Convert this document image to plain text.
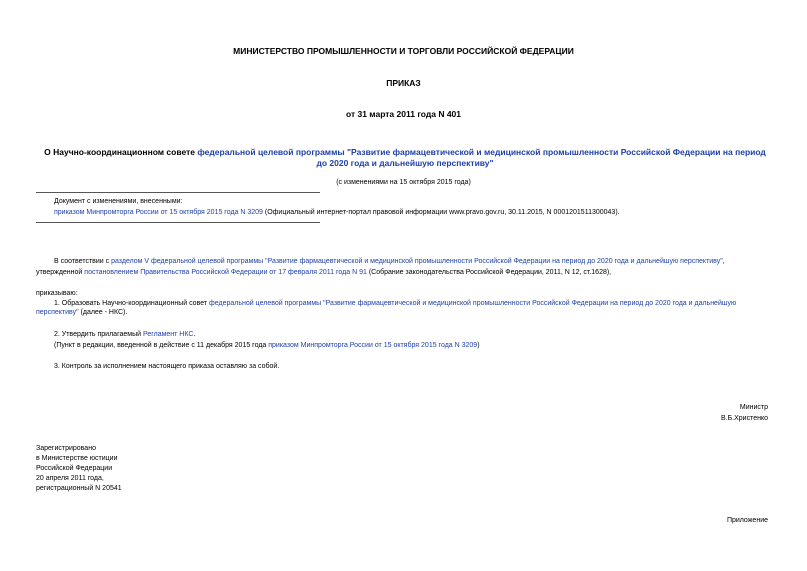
МИНИСТЕРСТВО ПРОМЫШЛЕННОСТИ И ТОРГОВЛИ РОССИЙСКОЙ ФЕДЕРАЦИИ
ПРИКАЗ
от 31 марта 2011 года N 401
О Научно-координационном совете федеральной целевой программы "Развитие фармацевтической и медицинской промышленности Российской Федерации на период до 2020 года и дальнейшую перспективу"
(с изменениями на 15 октября 2015 года)
Документ с изменениями, внесенными:
приказом Минпромторга России от 15 октября 2015 года N 3209 (Официальный интернет-портал правовой информации www.pravo.gov.ru, 30.11.2015, N 0001201511300043).
В соответствии с разделом V федеральной целевой программы "Развитие фармацевтической и медицинской промышленности Российской Федерации на период до 2020 года и дальнейшую перспективу",
утвержденной постановлением Правительства Российской Федерации от 17 февраля 2011 года N 91 (Собрание законодательства Российской Федерации, 2011, N 12, ст.1628),
приказываю:
1. Образовать Научно-координационный совет федеральной целевой программы "Развитие фармацевтической и медицинской промышленности Российской Федерации на период до 2020 года и дальнейшую перспективу" (далее - НКС).
2. Утвердить прилагаемый Регламент НКС.
(Пункт в редакции, введенной в действие с 11 декабря 2015 года приказом Минпромторга России от 15 октября 2015 года N 3209)
3. Контроль за исполнением настоящего приказа оставляю за собой.
Министр
В.Б.Христенко
Зарегистрировано
в Министерстве юстиции
Российской Федерации
20 апреля 2011 года,
регистрационный N 20541
Приложение
